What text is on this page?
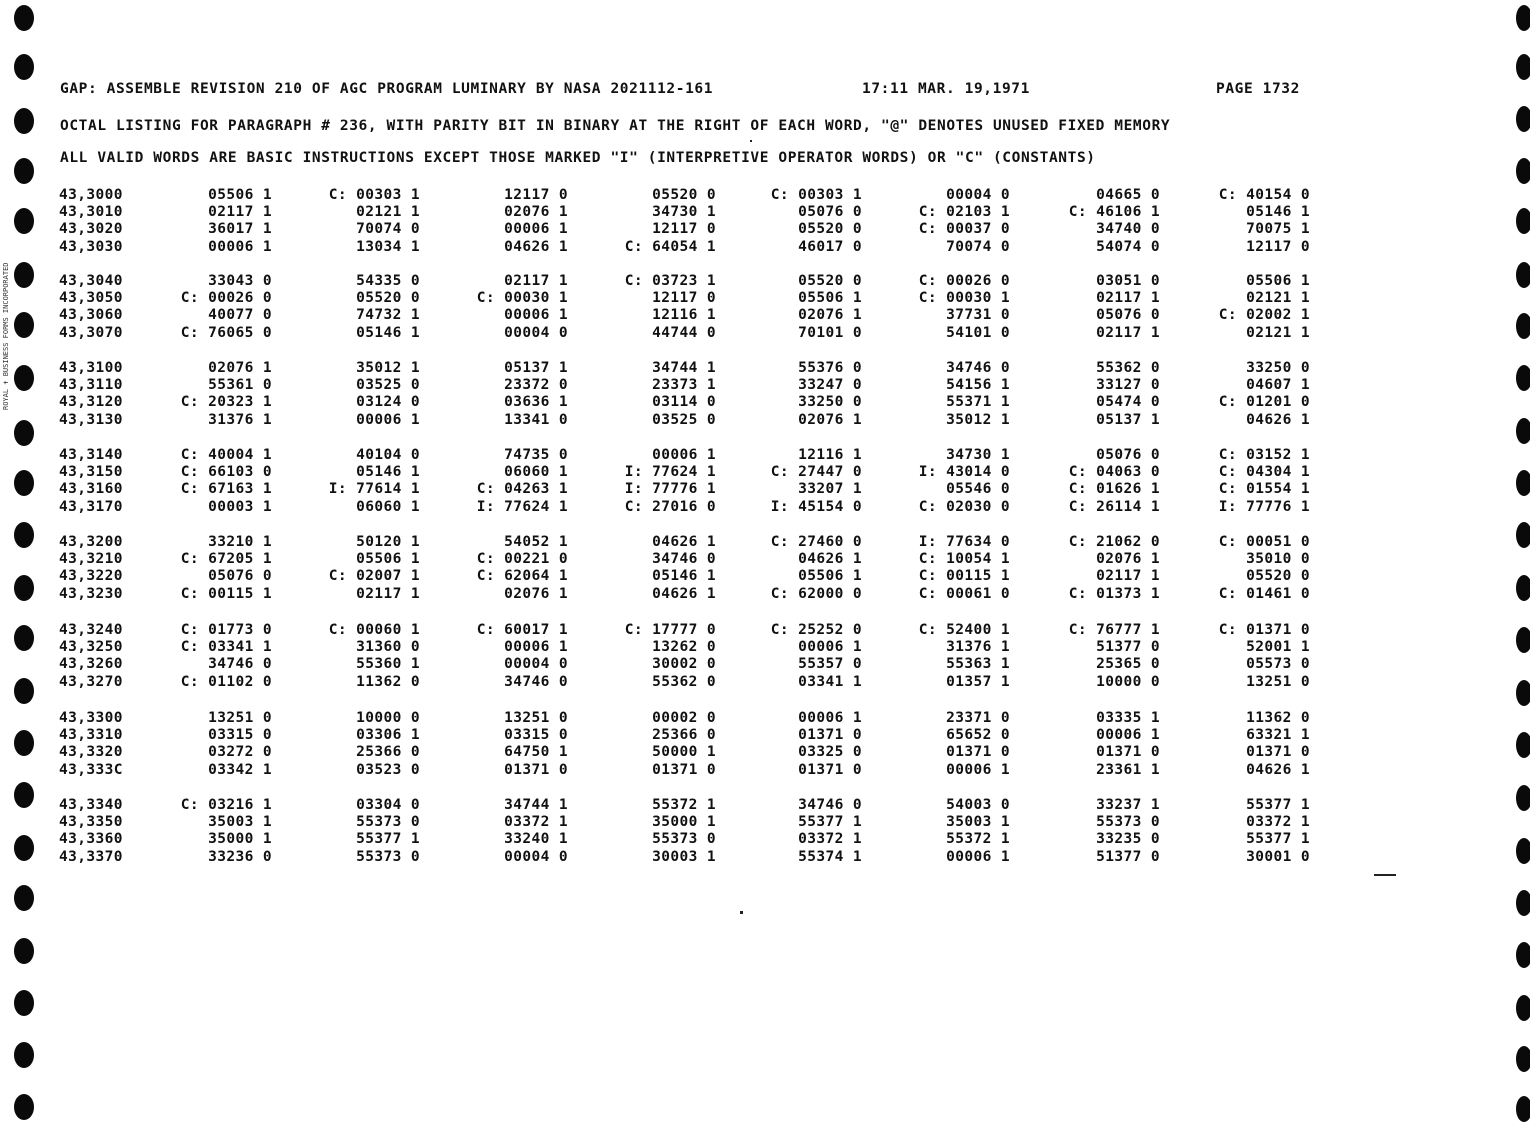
ROYAL ✝ BUSINESS FORMS INCORPORATED
GAP: ASSEMBLE REVISION 210 OF AGC PROGRAM LUMINARY BY NASA 2021112-161	17:11 MAR. 19,1971	PAGE 1732
OCTAL LISTING FOR PARAGRAPH # 236, WITH PARITY BIT IN BINARY AT THE RIGHT OF EACH WORD, "@" DENOTES UNUSED FIXED MEMORY
ALL VALID WORDS ARE BASIC INSTRUCTIONS EXCEPT THOSE MARKED "I" (INTERPRETIVE OPERATOR WORDS) OR "C" (CONSTANTS)
43,3000	05506 1	C: 00303 1	12117 0	05520 0	C: 00303 1	00004 0	04665 0	C: 40154 0
43,3010	02117 1	02121 1	02076 1	34730 1	05076 0	C: 02103 1	C: 46106 1	05146 1
43,3020	36017 1	70074 0	00006 1	12117 0	05520 0	C: 00037 0	34740 0	70075 1
43,3030	00006 1	13034 1	04626 1	C: 64054 1	46017 0	70074 0	54074 0	12117 0
43,3040	33043 0	54335 0	02117 1	C: 03723 1	05520 0	C: 00026 0	03051 0	05506 1
43,3050	C: 00026 0	05520 0	C: 00030 1	12117 0	05506 1	C: 00030 1	02117 1	02121 1
43,3060	40077 0	74732 1	00006 1	12116 1	02076 1	37731 0	05076 0	C: 02002 1
43,3070	C: 76065 0	05146 1	00004 0	44744 0	70101 0	54101 0	02117 1	02121 1
43,3100	02076 1	35012 1	05137 1	34744 1	55376 0	34746 0	55362 0	33250 0
43,3110	55361 0	03525 0	23372 0	23373 1	33247 0	54156 1	33127 0	04607 1
43,3120	C: 20323 1	03124 0	03636 1	03114 0	33250 0	55371 1	05474 0	C: 01201 0
43,3130	31376 1	00006 1	13341 0	03525 0	02076 1	35012 1	05137 1	04626 1
43,3140	C: 40004 1	40104 0	74735 0	00006 1	12116 1	34730 1	05076 0	C: 03152 1
43,3150	C: 66103 0	05146 1	06060 1	I: 77624 1	C: 27447 0	I: 43014 0	C: 04063 0	C: 04304 1
43,3160	C: 67163 1	I: 77614 1	C: 04263 1	I: 77776 1	33207 1	05546 0	C: 01626 1	C: 01554 1
43,3170	00003 1	06060 1	I: 77624 1	C: 27016 0	I: 45154 0	C: 02030 0	C: 26114 1	I: 77776 1
43,3200	33210 1	50120 1	54052 1	04626 1	C: 27460 0	I: 77634 0	C: 21062 0	C: 00051 0
43,3210	C: 67205 1	05506 1	C: 00221 0	34746 0	04626 1	C: 10054 1	02076 1	35010 0
43,3220	05076 0	C: 02007 1	C: 62064 1	05146 1	05506 1	C: 00115 1	02117 1	05520 0
43,3230	C: 00115 1	02117 1	02076 1	04626 1	C: 62000 0	C: 00061 0	C: 01373 1	C: 01461 0
43,3240	C: 01773 0	C: 00060 1	C: 60017 1	C: 17777 0	C: 25252 0	C: 52400 1	C: 76777 1	C: 01371 0
43,3250	C: 03341 1	31360 0	00006 1	13262 0	00006 1	31376 1	51377 0	52001 1
43,3260	34746 0	55360 1	00004 0	30002 0	55357 0	55363 1	25365 0	05573 0
43,3270	C: 01102 0	11362 0	34746 0	55362 0	03341 1	01357 1	10000 0	13251 0
43,3300	13251 0	10000 0	13251 0	00002 0	00006 1	23371 0	03335 1	11362 0
43,3310	03315 0	03306 1	03315 0	25366 0	01371 0	65652 0	00006 1	63321 1
43,3320	03272 0	25366 0	64750 1	50000 1	03325 0	01371 0	01371 0	01371 0
43,333C	03342 1	03523 0	01371 0	01371 0	01371 0	00006 1	23361 1	04626 1
43,3340	C: 03216 1	03304 0	34744 1	55372 1	34746 0	54003 0	33237 1	55377 1
43,3350	35003 1	55373 0	03372 1	35000 1	55377 1	35003 1	55373 0	03372 1
43,3360	35000 1	55377 1	33240 1	55373 0	03372 1	55372 1	33235 0	55377 1
43,3370	33236 0	55373 0	00004 0	30003 1	55374 1	00006 1	51377 0	30001 0
